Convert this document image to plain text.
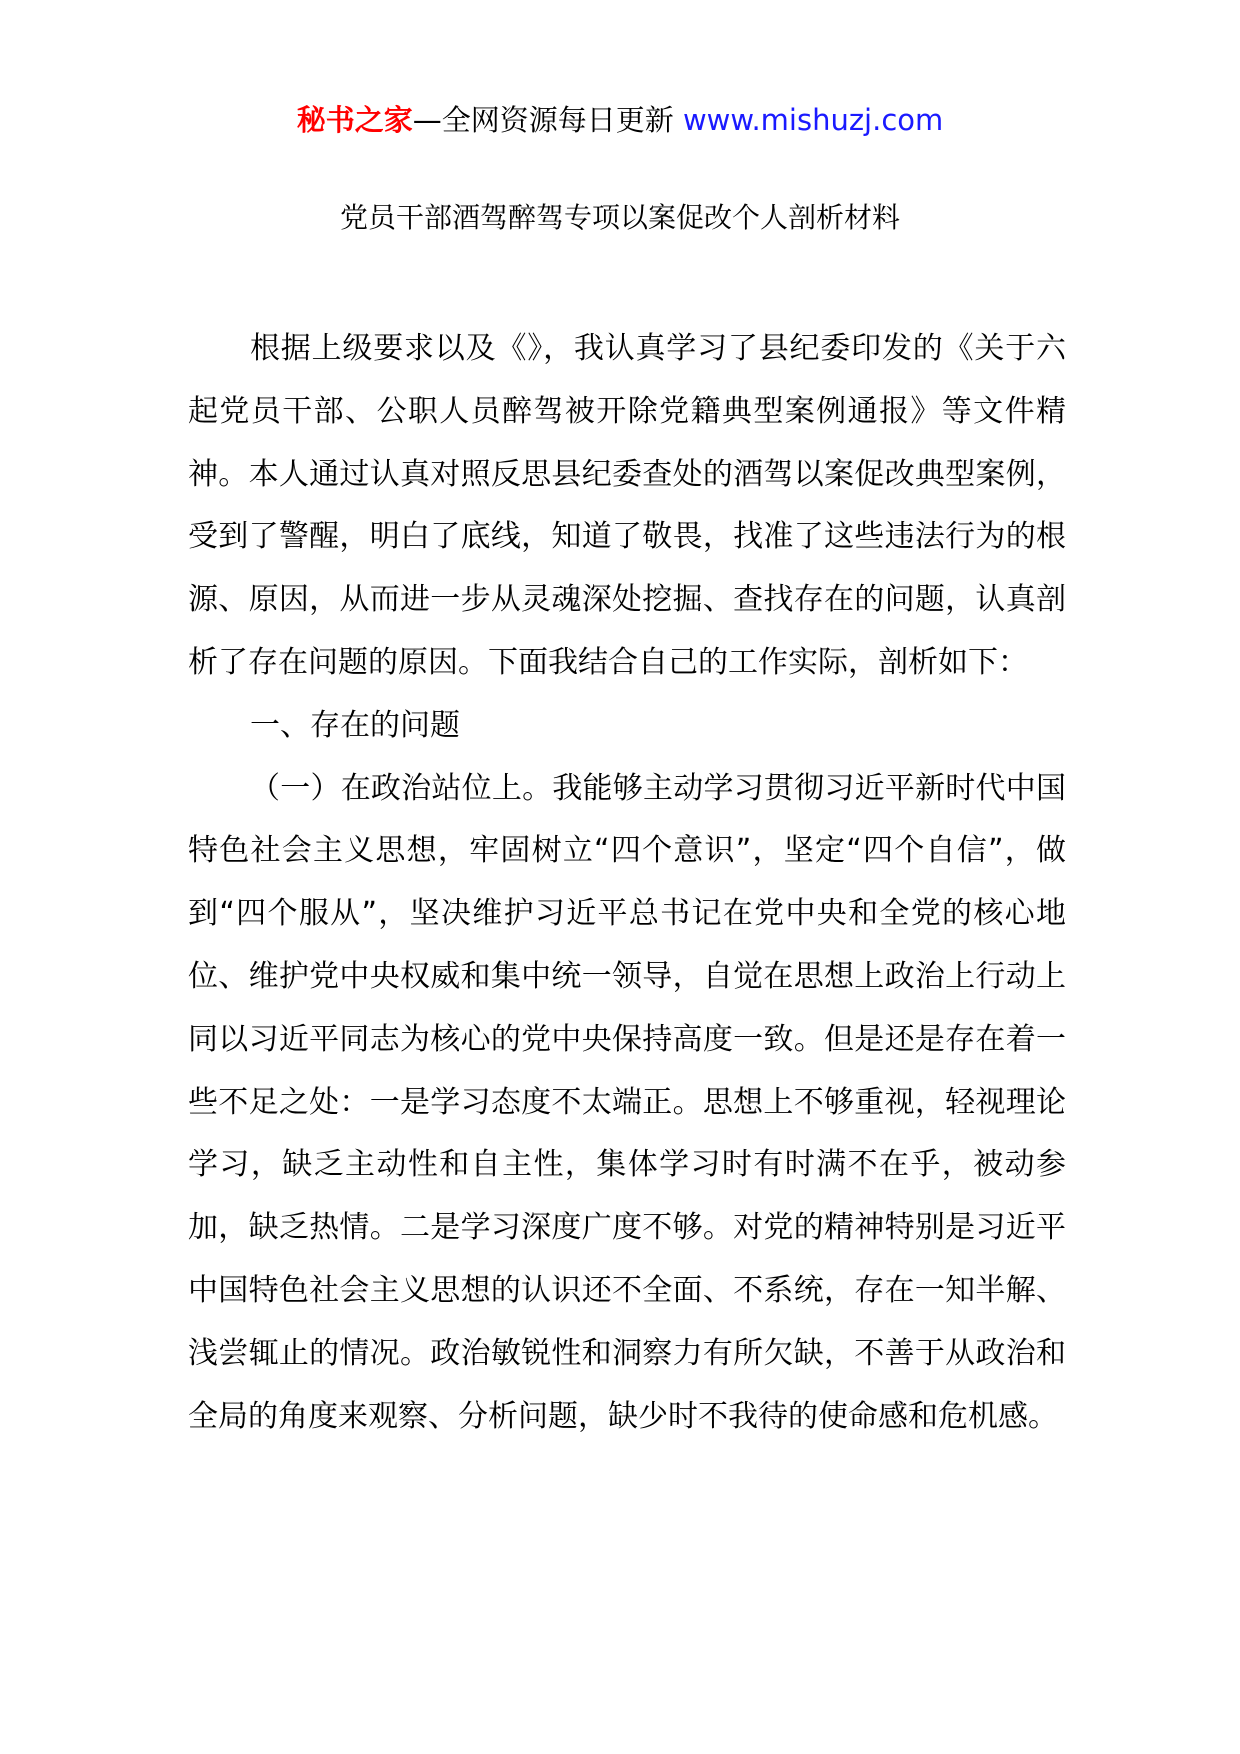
秘书之家—全网资源每日更新 www.mishuzj.com
党员干部酒驾醉驾专项以案促改个人剖析材料

根据上级要求以及《》，我认真学习了县纪委印发的《关于六起党员干部、公职人员醉驾被开除党籍典型案例通报》等文件精神。本人通过认真对照反思县纪委查处的酒驾以案促改典型案例，受到了警醒，明白了底线，知道了敬畏，找准了这些违法行为的根源、原因，从而进一步从灵魂深处挖掘、查找存在的问题，认真剖析了存在问题的原因。下面我结合自己的工作实际，剖析如下：

一、存在的问题

（一）在政治站位上。我能够主动学习贯彻习近平新时代中国特色社会主义思想，牢固树立“四个意识”，坚定“四个自信”，做到“四个服从”，坚决维护习近平总书记在党中央和全党的核心地位、维护党中央权威和集中统一领导，自觉在思想上政治上行动上同以习近平同志为核心的党中央保持高度一致。但是还是存在着一些不足之处：一是学习态度不太端正。思想上不够重视，轻视理论学习，缺乏主动性和自主性，集体学习时有时满不在乎，被动参加，缺乏热情。二是学习深度广度不够。对党的精神特别是习近平中国特色社会主义思想的认识还不全面、不系统，存在一知半解、浅尝辄止的情况。政治敏锐性和洞察力有所欠缺，不善于从政治和全局的角度来观察、分析问题，缺少时不我待的使命感和危机感。
